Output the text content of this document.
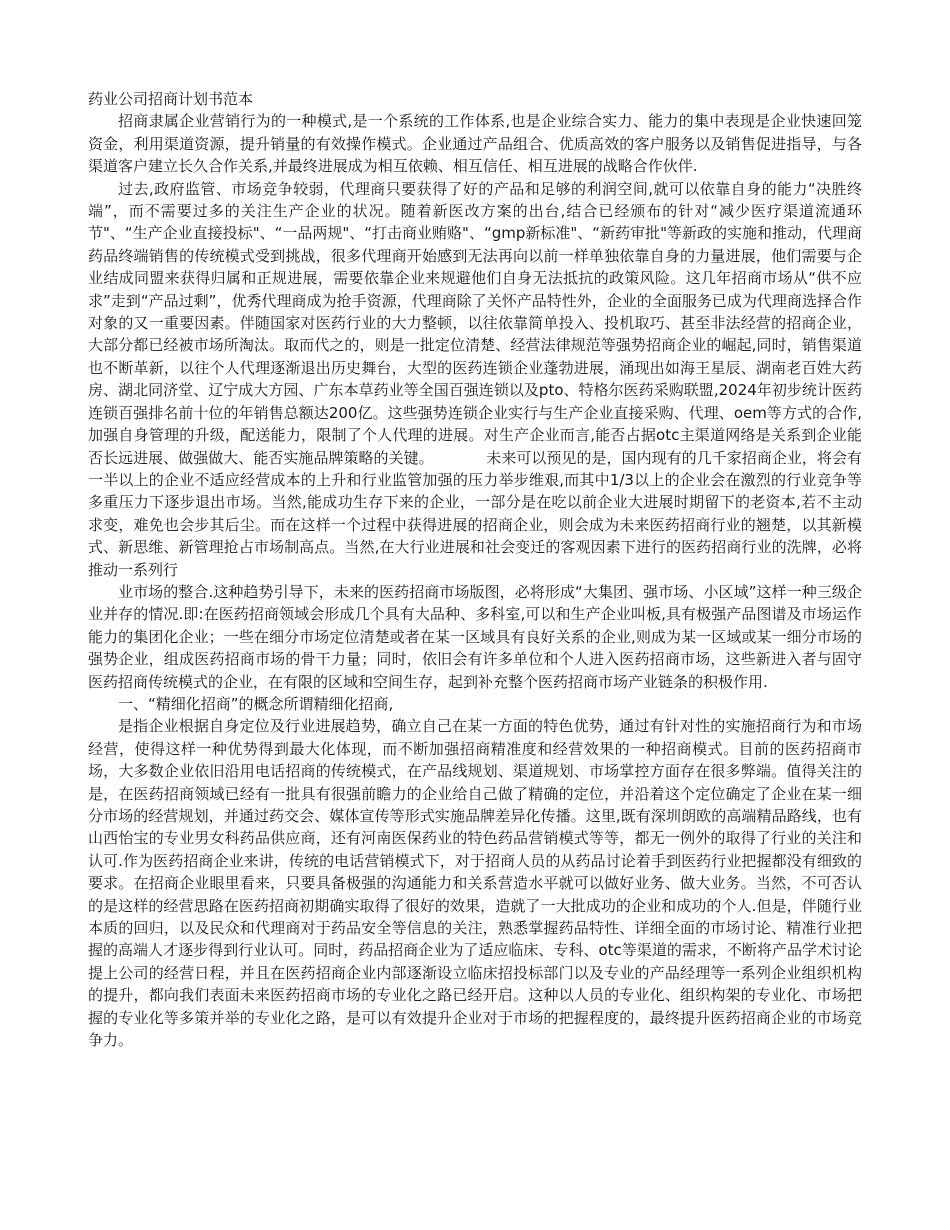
药业公司招商计划书范本

招商隶属企业营销行为的一种模式,是一个系统的工作体系,也是企业综合实力、能力的集中表现是企业快速回笼资金，利用渠道资源，提升销量的有效操作模式。企业通过产品组合、优质高效的客户服务以及销售促进指导，与各渠道客户建立长久合作关系,并最终进展成为相互依赖、相互信任、相互进展的战略合作伙伴.

过去,政府监管、市场竞争较弱，代理商只要获得了好的产品和足够的利润空间,就可以依靠自身的能力“决胜终端”，而不需要过多的关注生产企业的状况。随着新医改方案的出台,结合已经颁布的针对“减少医疗渠道流通环节"、“生产企业直接投标"、“一品两规"、“打击商业贿赂"、“gmp新标准"、“新药审批"等新政的实施和推动，代理商药品终端销售的传统模式受到挑战，很多代理商开始感到无法再向以前一样单独依靠自身的力量进展，他们需要与企业结成同盟来获得归属和正规进展，需要依靠企业来规避他们自身无法抵抗的政策风险。这几年招商市场从“供不应求”走到“产品过剩”，优秀代理商成为抢手资源，代理商除了关怀产品特性外，企业的全面服务已成为代理商选择合作对象的又一重要因素。伴随国家对医药行业的大力整顿，以往依靠简单投入、投机取巧、甚至非法经营的招商企业，大部分都已经被市场所淘汰。取而代之的，则是一批定位清楚、经营法律规范等强势招商企业的崛起,同时，销售渠道也不断革新，以往个人代理逐渐退出历史舞台，大型的医药连锁企业蓬勃进展，涌现出如海王星辰、湖南老百姓大药房、湖北同济堂、辽宁成大方园、广东本草药业等全国百强连锁以及pto、特格尔医药采购联盟,2024年初步统计医药连锁百强排名前十位的年销售总额达200亿。这些强势连锁企业实行与生产企业直接采购、代理、oem等方式的合作,加强自身管理的升级，配送能力，限制了个人代理的进展。对生产企业而言,能否占据otc主渠道网络是关系到企业能否长远进展、做强做大、能否实施品牌策略的关键。　　　　未来可以预见的是，国内现有的几千家招商企业，将会有一半以上的企业不适应经营成本的上升和行业监管加强的压力举步维艰,而其中1/3以上的企业会在激烈的行业竞争等多重压力下逐步退出市场。当然,能成功生存下来的企业，一部分是在吃以前企业大进展时期留下的老资本,若不主动求变，难免也会步其后尘。而在这样一个过程中获得进展的招商企业，则会成为未来医药招商行业的翘楚，以其新模式、新思维、新管理抢占市场制高点。当然,在大行业进展和社会变迁的客观因素下进行的医药招商行业的洗牌，必将推动一系列行

业市场的整合.这种趋势引导下，未来的医药招商市场版图，必将形成“大集团、强市场、小区域”这样一种三级企业并存的情况.即:在医药招商领域会形成几个具有大品种、多科室,可以和生产企业叫板,具有极强产品图谱及市场运作能力的集团化企业；一些在细分市场定位清楚或者在某一区域具有良好关系的企业,则成为某一区域或某一细分市场的强势企业，组成医药招商市场的骨干力量；同时，依旧会有许多单位和个人进入医药招商市场，这些新进入者与固守医药招商传统模式的企业，在有限的区域和空间生存，起到补充整个医药招商市场产业链条的积极作用.

一、“精细化招商”的概念所谓精细化招商,

是指企业根据自身定位及行业进展趋势，确立自己在某一方面的特色优势，通过有针对性的实施招商行为和市场经营，使得这样一种优势得到最大化体现，而不断加强招商精准度和经营效果的一种招商模式。目前的医药招商市场，大多数企业依旧沿用电话招商的传统模式，在产品线规划、渠道规划、市场掌控方面存在很多弊端。值得关注的是，在医药招商领域已经有一批具有很强前瞻力的企业给自己做了精确的定位，并沿着这个定位确定了企业在某一细分市场的经营规划，并通过药交会、媒体宣传等形式实施品牌差异化传播。这里,既有深圳朗欧的高端精品路线，也有山西怡宝的专业男女科药品供应商，还有河南医保药业的特色药品营销模式等等，都无一例外的取得了行业的关注和认可.作为医药招商企业来讲，传统的电话营销模式下，对于招商人员的从药品讨论着手到医药行业把握都没有细致的要求。在招商企业眼里看来，只要具备极强的沟通能力和关系营造水平就可以做好业务、做大业务。当然，不可否认的是这样的经营思路在医药招商初期确实取得了很好的效果，造就了一大批成功的企业和成功的个人.但是，伴随行业本质的回归，以及民众和代理商对于药品安全等信息的关注，熟悉掌握药品特性、详细全面的市场讨论、精准行业把握的高端人才逐步得到行业认可。同时，药品招商企业为了适应临床、专科、otc等渠道的需求，不断将产品学术讨论提上公司的经营日程，并且在医药招商企业内部逐渐设立临床招投标部门以及专业的产品经理等一系列企业组织机构的提升，都向我们表面未来医药招商市场的专业化之路已经开启。这种以人员的专业化、组织构架的专业化、市场把握的专业化等多策并举的专业化之路，是可以有效提升企业对于市场的把握程度的，最终提升医药招商企业的市场竞争力。
